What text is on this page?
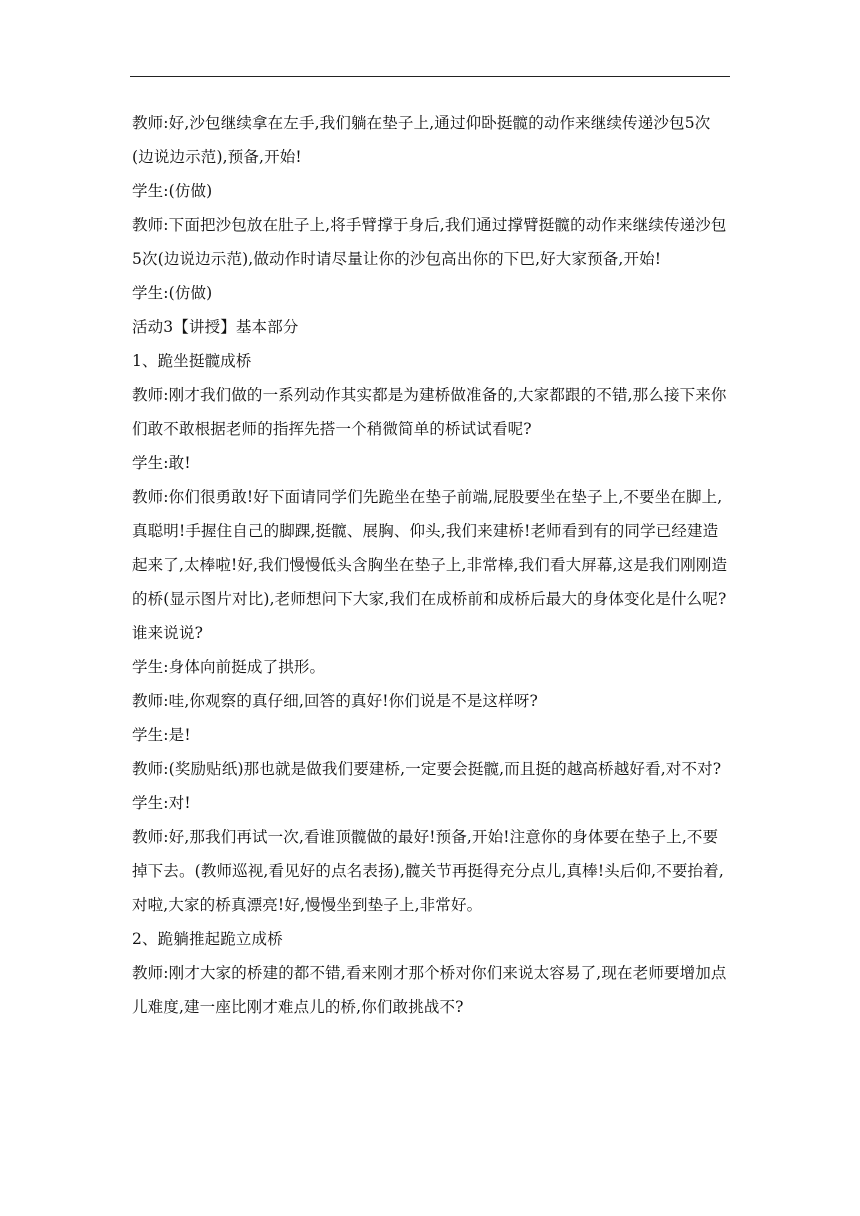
教师:好,沙包继续拿在左手,我们躺在垫子上,通过仰卧挺髋的动作来继续传递沙包5次(边说边示范),预备,开始!

学生:(仿做)

教师:下面把沙包放在肚子上,将手臂撑于身后,我们通过撑臂挺髋的动作来继续传递沙包5次(边说边示范),做动作时请尽量让你的沙包高出你的下巴,好大家预备,开始!

学生:(仿做)

活动3【讲授】基本部分

1、跪坐挺髋成桥

教师:刚才我们做的一系列动作其实都是为建桥做准备的,大家都跟的不错,那么接下来你们敢不敢根据老师的指挥先搭一个稍微简单的桥试试看呢?

学生:敢!

教师:你们很勇敢!好下面请同学们先跪坐在垫子前端,屁股要坐在垫子上,不要坐在脚上,真聪明!手握住自己的脚踝,挺髋、展胸、仰头,我们来建桥!老师看到有的同学已经建造起来了,太棒啦!好,我们慢慢低头含胸坐在垫子上,非常棒,我们看大屏幕,这是我们刚刚造的桥(显示图片对比),老师想问下大家,我们在成桥前和成桥后最大的身体变化是什么呢?谁来说说?

学生:身体向前挺成了拱形。

教师:哇,你观察的真仔细,回答的真好!你们说是不是这样呀?

学生:是!

教师:(奖励贴纸)那也就是做我们要建桥,一定要会挺髋,而且挺的越高桥越好看,对不对?

学生:对!

教师:好,那我们再试一次,看谁顶髋做的最好!预备,开始!注意你的身体要在垫子上,不要掉下去。(教师巡视,看见好的点名表扬),髋关节再挺得充分点儿,真棒!头后仰,不要抬着,对啦,大家的桥真漂亮!好,慢慢坐到垫子上,非常好。

2、跪躺推起跪立成桥

教师:刚才大家的桥建的都不错,看来刚才那个桥对你们来说太容易了,现在老师要增加点儿难度,建一座比刚才难点儿的桥,你们敢挑战不?
